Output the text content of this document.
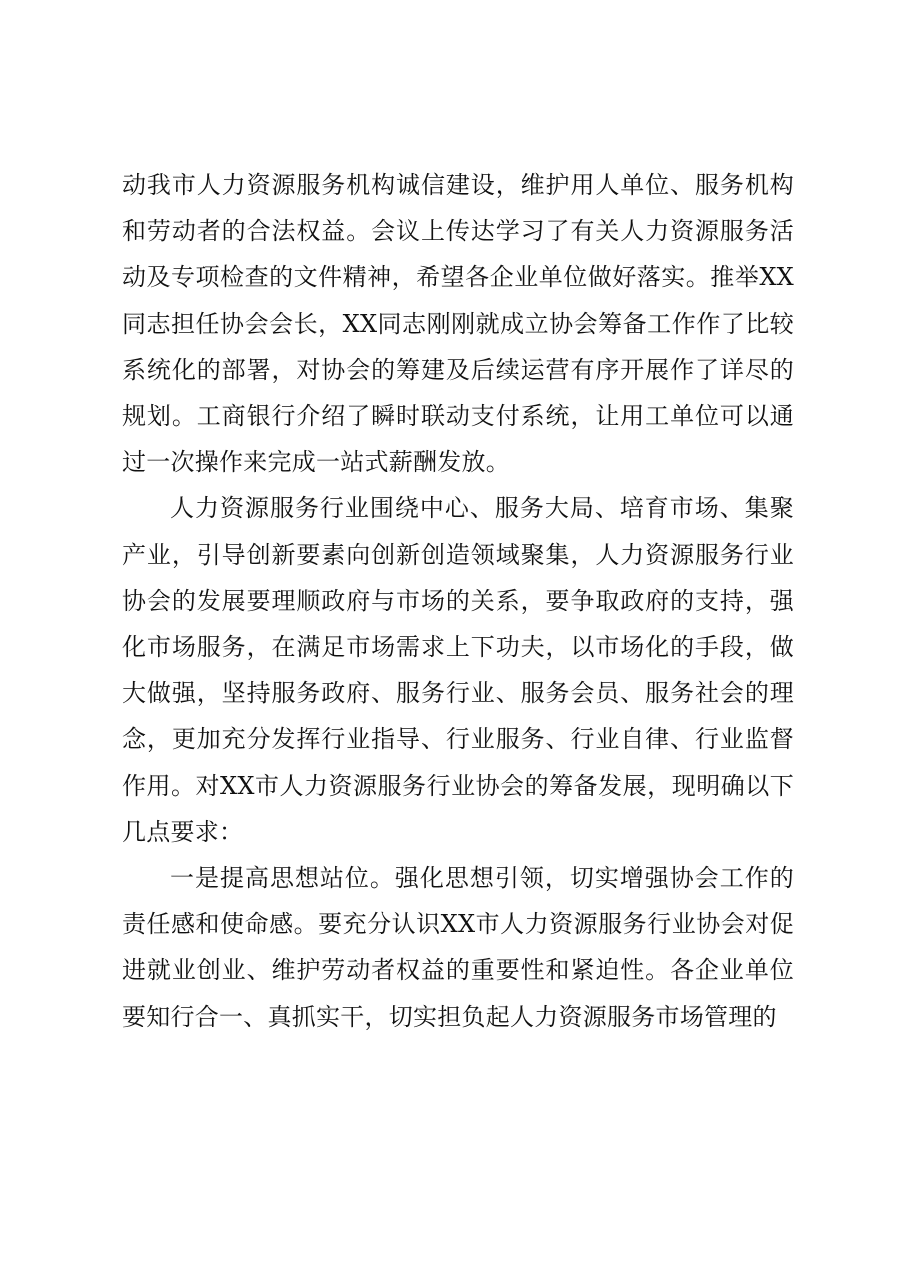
动我市人力资源服务机构诚信建设，维护用人单位、服务机构和劳动者的合法权益。会议上传达学习了有关人力资源服务活动及专项检查的文件精神，希望各企业单位做好落实。推举XX同志担任协会会长，XX同志刚刚就成立协会筹备工作作了比较系统化的部署，对协会的筹建及后续运营有序开展作了详尽的规划。工商银行介绍了瞬时联动支付系统，让用工单位可以通过一次操作来完成一站式薪酬发放。

人力资源服务行业围绕中心、服务大局、培育市场、集聚产业，引导创新要素向创新创造领域聚集，人力资源服务行业协会的发展要理顺政府与市场的关系，要争取政府的支持，强化市场服务，在满足市场需求上下功夫，以市场化的手段，做大做强，坚持服务政府、服务行业、服务会员、服务社会的理念，更加充分发挥行业指导、行业服务、行业自律、行业监督作用。对XX市人力资源服务行业协会的筹备发展，现明确以下几点要求：

一是提高思想站位。强化思想引领，切实增强协会工作的责任感和使命感。要充分认识XX市人力资源服务行业协会对促进就业创业、维护劳动者权益的重要性和紧迫性。各企业单位要知行合一、真抓实干，切实担负起人力资源服务市场管理的
